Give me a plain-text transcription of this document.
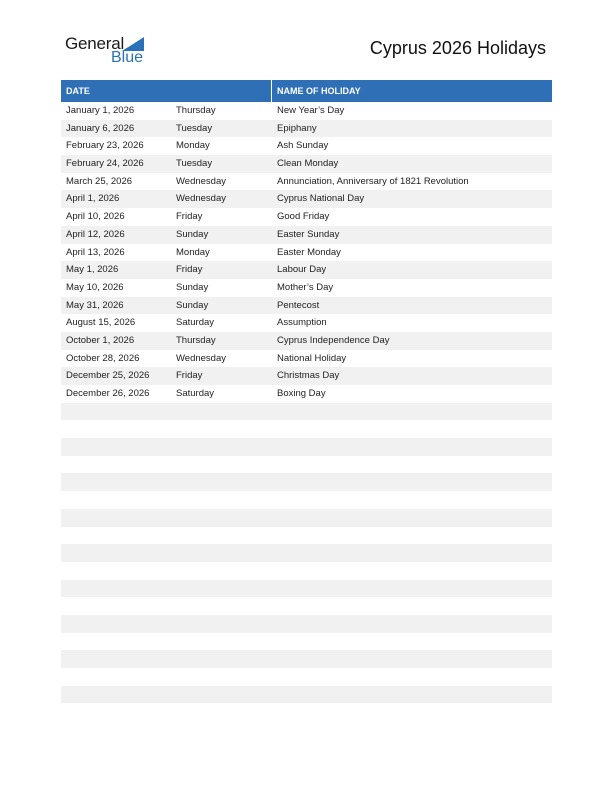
General
Blue	Cyprus 2026 Holidays
DATE	NAME OF HOLIDAY
January 1, 2026	Thursday	New Year’s Day
January 6, 2026	Tuesday	Epiphany
February 23, 2026	Monday	Ash Sunday
February 24, 2026	Tuesday	Clean Monday
March 25, 2026	Wednesday	Annunciation, Anniversary of 1821 Revolution
April 1, 2026	Wednesday	Cyprus National Day
April 10, 2026	Friday	Good Friday
April 12, 2026	Sunday	Easter Sunday
April 13, 2026	Monday	Easter Monday
May 1, 2026	Friday	Labour Day
May 10, 2026	Sunday	Mother’s Day
May 31, 2026	Sunday	Pentecost
August 15, 2026	Saturday	Assumption
October 1, 2026	Thursday	Cyprus Independence Day
October 28, 2026	Wednesday	National Holiday
December 25, 2026	Friday	Christmas Day
December 26, 2026	Saturday	Boxing Day
